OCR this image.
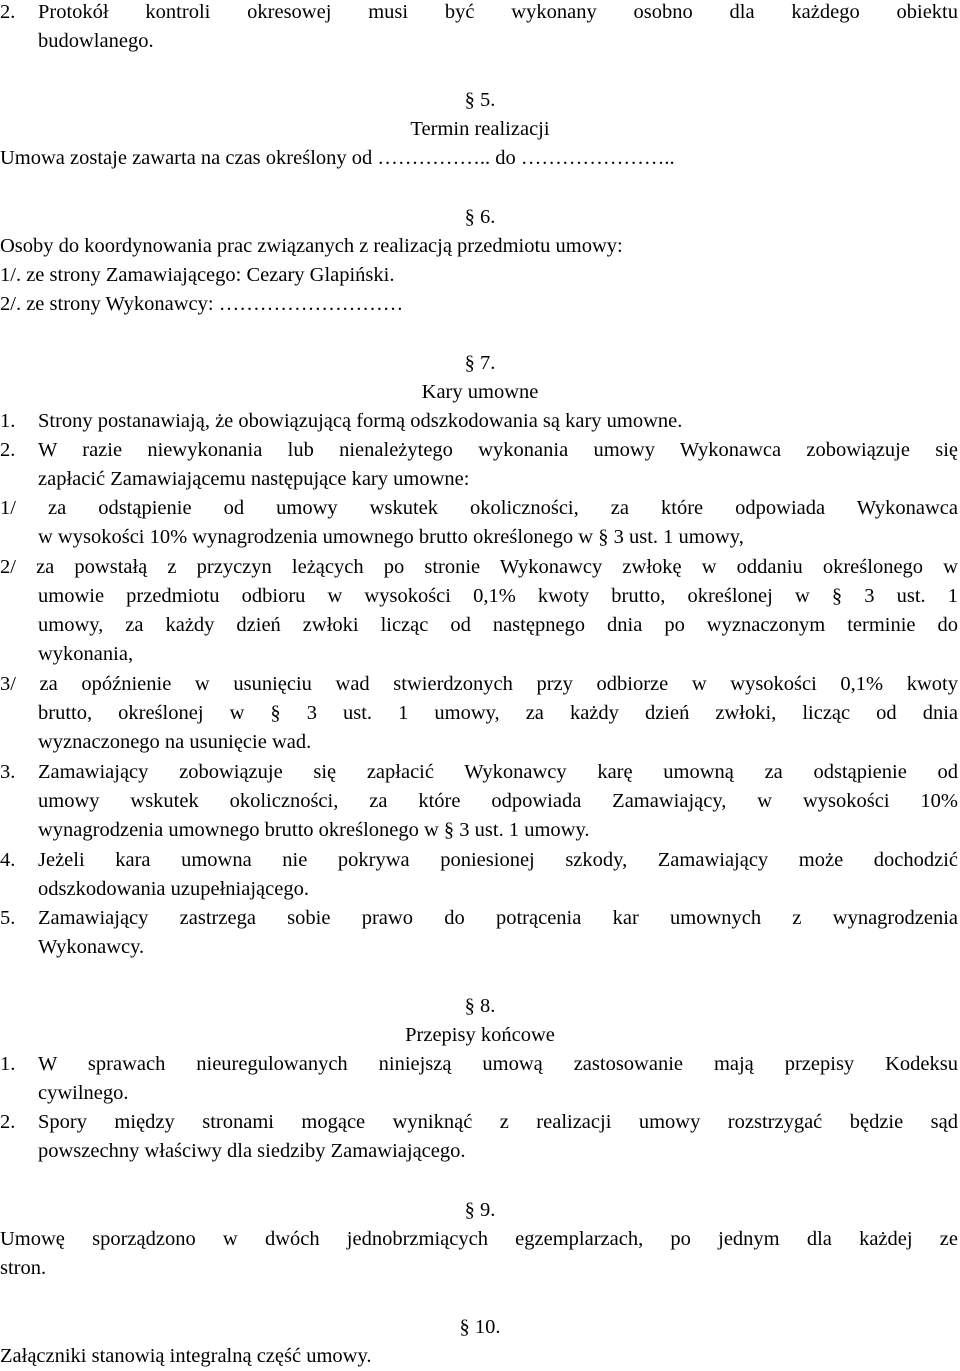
2. Protokół kontroli okresowej musi być wykonany osobno dla każdego obiektu
budowlanego.
§ 5.
Termin realizacji
Umowa zostaje zawarta na czas określony od …………….. do …………………..
§ 6.
Osoby do koordynowania prac związanych z realizacją przedmiotu umowy:
1/. ze strony Zamawiającego: Cezary Glapiński.
2/. ze strony Wykonawcy: ………………………
§ 7.
Kary umowne
1. Strony postanawiają, że obowiązującą formą odszkodowania są kary umowne.
2. W razie niewykonania lub nienależytego wykonania umowy Wykonawca zobowiązuje się
zapłacić Zamawiającemu następujące kary umowne:
1/ za odstąpienie od umowy wskutek okoliczności, za które odpowiada Wykonawca
w wysokości 10% wynagrodzenia umownego brutto określonego w § 3 ust. 1 umowy,
2/ za powstałą z przyczyn leżących po stronie Wykonawcy zwłokę w oddaniu określonego w
umowie przedmiotu odbioru w wysokości 0,1% kwoty brutto, określonej w § 3 ust. 1
umowy, za każdy dzień zwłoki licząc od następnego dnia po wyznaczonym terminie do
wykonania,
3/ za opóźnienie w usunięciu wad stwierdzonych przy odbiorze w wysokości 0,1% kwoty
brutto, określonej w § 3 ust. 1 umowy, za każdy dzień zwłoki, licząc od dnia
wyznaczonego na usunięcie wad.
3. Zamawiający zobowiązuje się zapłacić Wykonawcy karę umowną za odstąpienie od
umowy wskutek okoliczności, za które odpowiada Zamawiający, w wysokości 10%
wynagrodzenia umownego brutto określonego w § 3 ust. 1 umowy.
4. Jeżeli kara umowna nie pokrywa poniesionej szkody, Zamawiający może dochodzić
odszkodowania uzupełniającego.
5. Zamawiający zastrzega sobie prawo do potrącenia kar umownych z wynagrodzenia
Wykonawcy.
§ 8.
Przepisy końcowe
1. W sprawach nieuregulowanych niniejszą umową zastosowanie mają przepisy Kodeksu
cywilnego.
2. Spory między stronami mogące wyniknąć z realizacji umowy rozstrzygać będzie sąd
powszechny właściwy dla siedziby Zamawiającego.
§ 9.
Umowę sporządzono w dwóch jednobrzmiących egzemplarzach, po jednym dla każdej ze
stron.
§ 10.
Załączniki stanowią integralną część umowy.
